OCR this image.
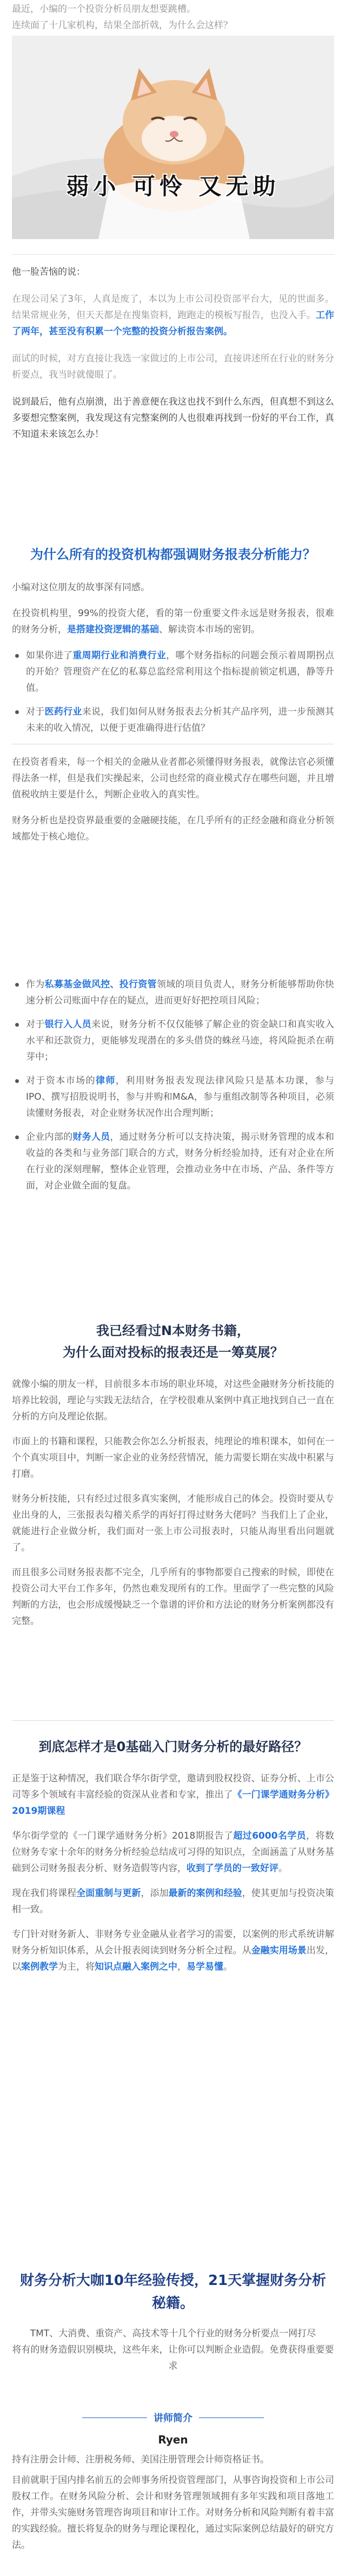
最近，小编的一个投资分析员朋友想要跳槽。

连续面了十几家机构，结果全部折戟，为什么会这样？

弱小 可怜 又无助

他一脸苦恼的说：

在现公司呆了3年，人真是废了，本以为上市公司投资部平台大，见的世面多。结果常规业务，但天天都是在搜集资料，跑跑走的模板写报告，也没入手。工作了两年，甚至没有积累一个完整的投资分析报告案例。

面试的时候，对方直接让我选一家做过的上市公司，直接讲述所在行业的财务分析要点，我当时就傻眼了。

说到最后，他有点崩溃，出于善意便在我这也找不到什么东西，但真想不到这么多要想完整案例，我发现这有完整案例的人也很难再找到一份好的平台工作，真不知道未来该怎么办！

为什么所有的投资机构都强调财务报表分析能力？

小编对这位朋友的故事深有同感。

在投资机构里，99%的投资大佬，看的第一份重要文件永远是财务报表，很难的财务分析，是搭建投资逻辑的基础、解读资本市场的密钥。

如果你进了重周期行业和消费行业，哪个财务指标的问题会预示着周期拐点的开始？管理资产在亿的私募总监经常利用这个指标提前锁定机遇，静等升值。
对于医药行业来说，我们如何从财务报表去分析其产品序列，进一步预测其未来的收入情况，以便于更准确得进行估值？

在投资者看来，每一个相关的金融从业者都必须懂得财务报表，就像法官必须懂得法条一样，但是我们实操起来，公司也经常的商业模式存在哪些问题，并且增值税收纳主要是什么，判断企业收入的真实性。

财务分析也是投资界最重要的金融硬技能，在几乎所有的正经金融和商业分析领域都处于核心地位。

作为私募基金做风控、投行资管领域的项目负责人，财务分析能够帮助你快速分析公司账面中存在的疑点，进而更好好把控项目风险；
对于银行入人员来说，财务分析不仅仅能够了解企业的资金缺口和真实收入水平和还款资力，更能够发现潜在的多头借贷的蛛丝马迹，将风险扼杀在萌芽中；
对于资本市场的律师，利用财务报表发现法律风险只是基本功课，参与IPO、撰写招股说明书，参与并购和M&A，参与重组改制等各种项目，必须读懂财务报表，对企业财务状况作出合理判断；
企业内部的财务人员，通过财务分析可以支持决策，揭示财务管理的成本和收益的各类和与业务部门联合的方式，财务分析经验加持，还有对企业在所在行业的深刻理解，整体企业管理，会推动业务中在市场、产品、条件等方面，对企业做全面的复盘。
我已经看过N本财务书籍，
为什么面对投标的报表还是一筹莫展？

就像小编的朋友一样，目前很多本市场的职业环境，对这些金融财务分析技能的培养比较弱，理论与实践无法结合，在学校很难从案例中真正地找到自己一直在分析的方向及理论依据。

市面上的书籍和课程，只能教会你怎么分析报表，纯理论的堆积课本，如何在一个个真实项目中，判断一家企业的业务经营情况，能力需要长期在实战中积累与打磨。

财务分析技能，只有经过过很多真实案例，才能形成自己的体会。投资时要从专业出身的人，三张报表勾稽关系学的再好打得过财务大佬吗？当我们上了企业，就能进行企业做分析，我们面对一张上市公司报表时，只能从海里看出问题就了。

而且很多公司财务报表都不完全，几乎所有的事物都要自己搜索的时候，即使在投资公司大平台工作多年，仍然也难发现所有的工作。里面学了一些完整的风险判断的方法，也会形成缓慢缺乏一个靠谱的评价和方法论的财务分析案例都没有完整。

到底怎样才是0基础入门财务分析的最好路径？

正是鉴于这种情况，我们联合华尔街学堂，邀请到股权投资、证券分析、上市公司等多个领域有丰富经验的资深从业者和专家，推出了《一门课学通财务分析》2019期课程

华尔街学堂的《一门课学通财务分析》2018期报告了超过6000名学员，将数位财务专家十余年的财务分析经验总结成可习得的知识点，全面涵盖了从财务基础到公司财务报表分析、财务造假等内容，收到了学员的一致好评。

现在我们将课程全面重制与更新，添加最新的案例和经验，使其更加与投资决策相一致。

专门针对财务新人、非财务专业金融从业者学习的需要，以案例的形式系统讲解财务分析知识体系，从会计报表阅读到财务分析全过程。从金融实用场景出发，以案例教学为主，将知识点融入案例之中，易学易懂。

财务分析大咖10年经验传授，21天掌握财务分析
秘籍。

TMT、大消费、重资产、高技术等十几个行业的财务分析要点一网打尽

将有的财务造假识别模块，这些年来，让你可以判断企业造假。免费获得重要要求

讲师简介
Ryen

持有注册会计师、注册税务师、美国注册管理会计师资格证书。

目前就职于国内排名前五的会师事务所投资管理部门，从事咨询投资和上市公司股权工作。在财务风险分析、会计和财务管理领域拥有多年实践和项目落地工作，并带头实施财务管理咨询项目和审计工作。对财务分析和风险判断有着丰富的实践经验。擅长将复杂的财务与理论课程化，通过实际案例总结最好的研究方法。
